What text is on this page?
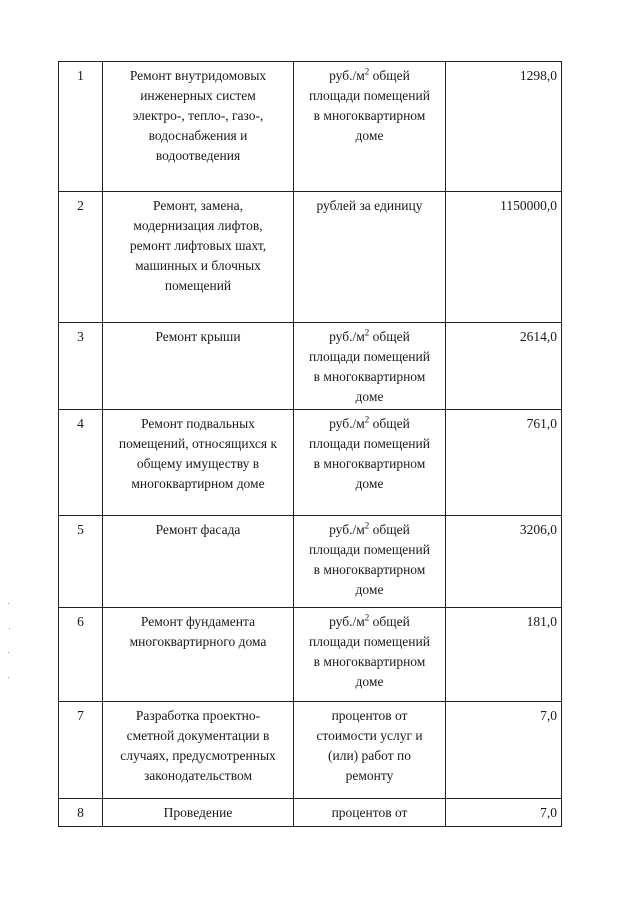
1	Ремонт внутридомовых
инженерных систем
электро-, тепло-, газо-,
водоснабжения и
водоотведения	$руб./м^2$ общей
площади помещений
в многоквартирном
доме	1298,0
2	Ремонт, замена,
модернизация лифтов,
ремонт лифтовых шахт,
машинных и блочных
помещений	рублей за единицу	1150000,0
3	Ремонт крыши	$руб./м^2$ общей
площади помещений
в многоквартирном
доме	2614,0
4	Ремонт подвальных
помещений, относящихся к
общему имуществу в
многоквартирном доме	$руб./м^2$ общей
площади помещений
в многоквартирном
доме	761,0
5	Ремонт фасада	$руб./м^2$ общей
площади помещений
в многоквартирном
доме	3206,0
6	Ремонт фундамента
многоквартирного дома	$руб./м^2$ общей
площади помещений
в многоквартирном
доме	181,0
7	Разработка проектно-
сметной документации в
случаях, предусмотренных
законодательством	процентов от
стоимости услуг и
(или) работ по
ремонту	7,0
8	Проведение	процентов от	7,0
